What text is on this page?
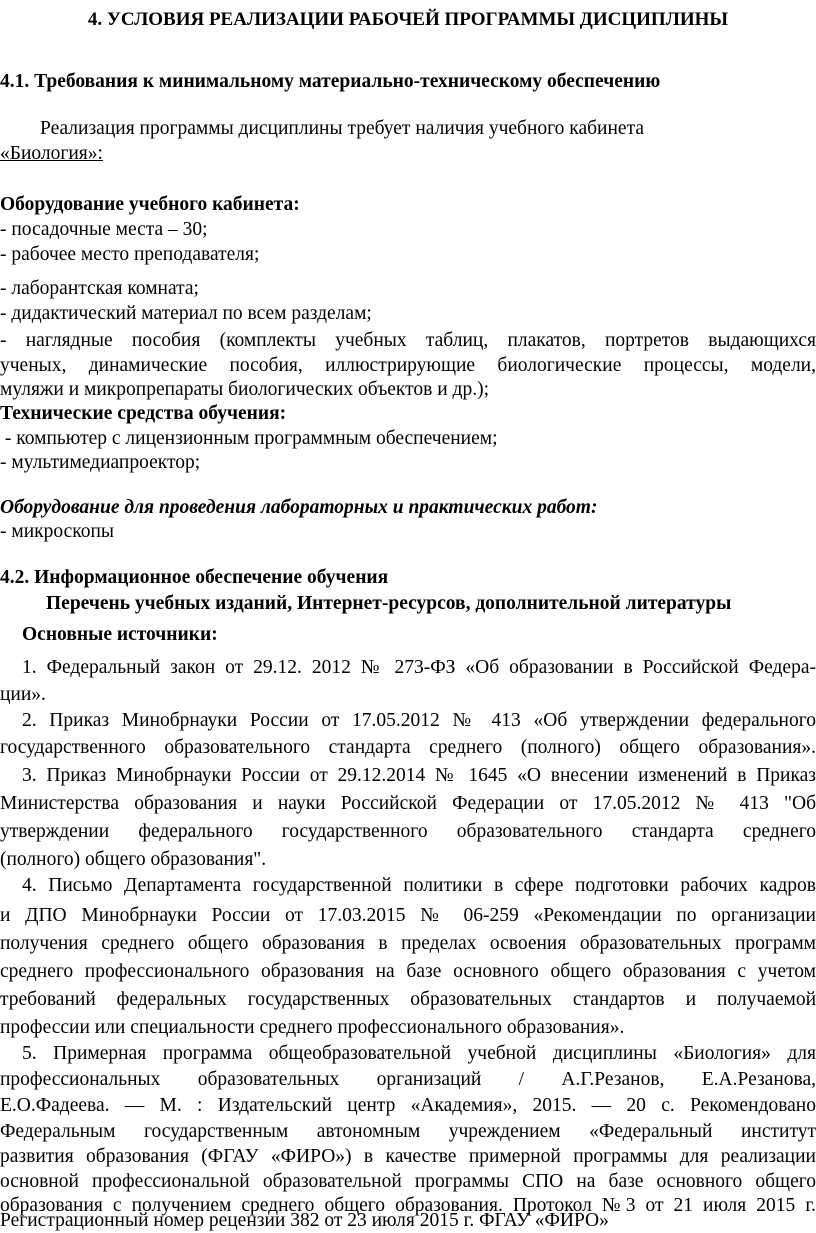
4. УСЛОВИЯ РЕАЛИЗАЦИИ РАБОЧЕЙ ПРОГРАММЫ ДИСЦИПЛИНЫ
4.1. Требования к минимальному материально-техническому обеспечению
Реализация программы дисциплины требует наличия учебного кабинета
«Биология»:
Оборудование учебного кабинета:
- посадочные места – 30;
- рабочее место преподавателя;
- лаборантская комната;
- дидактический материал по всем разделам;
- наглядные пособия (комплекты учебных таблиц, плакатов, портретов выдающихся
ученых, динамические пособия, иллюстрирующие биологические процессы, модели,
муляжи и микропрепараты биологических объектов и др.);
Технические средства обучения:
- компьютер с лицензионным программным обеспечением;
- мультимедиапроектор;
Оборудование для проведения лабораторных и практических работ:
- микроскопы
4.2. Информационное обеспечение обучения
Перечень учебных изданий, Интернет-ресурсов, дополнительной литературы
Основные источники:
1. Федеральный закон от 29.12. 2012 № 273-ФЗ «Об образовании в Российской Федера-
ции».
2. Приказ Минобрнауки России от 17.05.2012 № 413 «Об утверждении федерального
государственного образовательного стандарта среднего (полного) общего образования».
3. Приказ Минобрнауки России от 29.12.2014 № 1645 «О внесении изменений в Приказ
Министерства образования и науки Российской Федерации от 17.05.2012 № 413 "Об
утверждении федерального государственного образовательного стандарта среднего
(полного) общего образования".
4. Письмо Департамента государственной политики в сфере подготовки рабочих кадров
и ДПО Минобрнауки России от 17.03.2015 № 06-259 «Рекомендации по организации
получения среднего общего образования в пределах освоения образовательных программ
среднего профессионального образования на базе основного общего образования с учетом
требований федеральных государственных образовательных стандартов и получаемой
профессии или специальности среднего профессионального образования».
5. Примерная программа общеобразовательной учебной дисциплины «Биология» для
профессиональных образовательных организаций / А.Г.Резанов, Е.А.Резанова,
Е.О.Фадеева. — М. : Издательский центр «Академия», 2015. — 20 с. Рекомендовано
Федеральным государственным автономным учреждением «Федеральный институт
развития образования (ФГАУ «ФИРО») в качестве примерной программы для реализации
основной профессиональной образовательной программы СПО на базе основного общего
образования с получением среднего общего образования. Протокол №3 от 21 июля 2015 г.
Регистрационный номер рецензии 382 от 23 июля 2015 г. ФГАУ «ФИРО»
